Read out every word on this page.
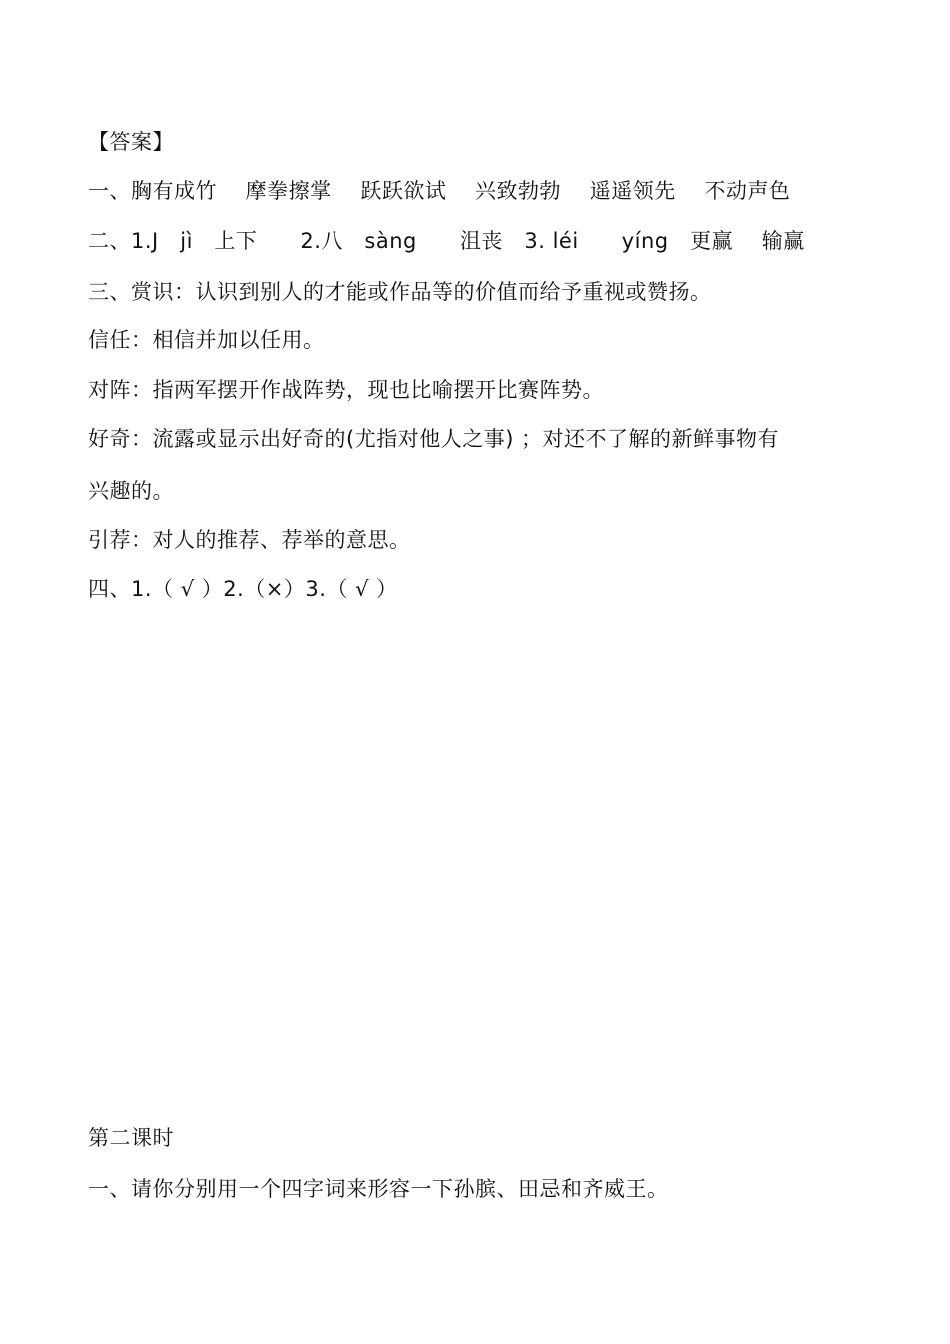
【答案】
一、胸有成竹　 摩拳擦掌　 跃跃欲试　 兴致勃勃　 遥遥领先　 不动声色
二、1.J　jì　上下　　2.八　sàng　　沮丧　3. léi　　yíng　更赢　 输赢
三、赏识：认识到别人的才能或作品等的价值而给予重视或赞扬。
信任：相信并加以任用。
对阵：指两军摆开作战阵势，现也比喻摆开比赛阵势。
好奇：流露或显示出好奇的(尤指对他人之事) ；对还不了解的新鲜事物有
兴趣的。
引荐：对人的推荐、荐举的意思。
四、1.（ √ ）2.（×）3.（ √ ）
第二课时
一、请你分别用一个四字词来形容一下孙膑、田忌和齐威王。
